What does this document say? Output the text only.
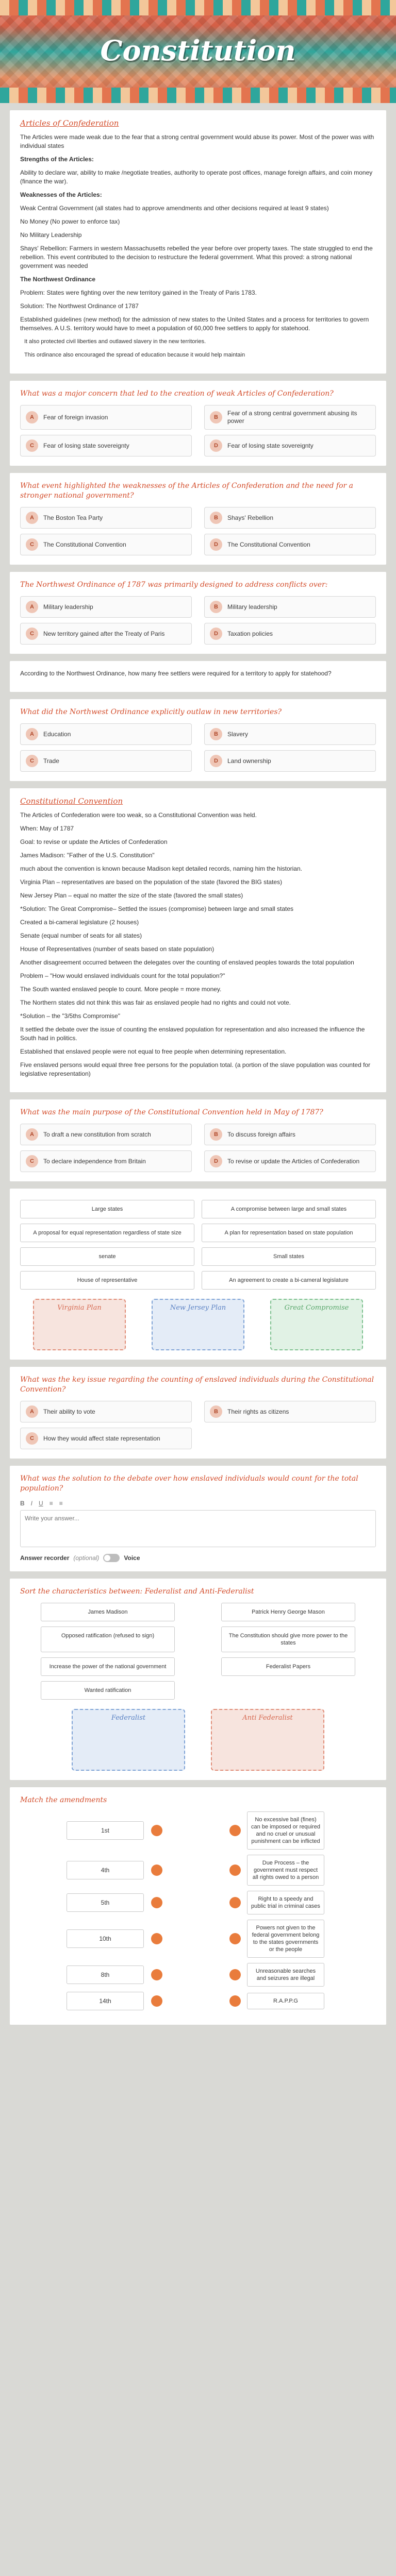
Constitution
Articles of Confederation
The Articles were made weak due to the fear that a strong central government would abuse its power. Most of the power was with individual states
Strengths of the Articles:
Ability to declare war, ability to make /negotiate treaties, authority to operate post offices, manage foreign affairs, and coin money (finance the war).
Weaknesses of the Articles:
Weak Central Government (all states had to approve amendments and other decisions required at least 9 states)
No Money (No power to enforce tax)
No Military Leadership
Shays' Rebellion: Farmers in western Massachusetts rebelled the year before over property taxes. The state struggled to end the rebellion. This event contributed to the decision to restructure the federal government. What this proved: a strong national government was needed
The Northwest Ordinance
Problem: States were fighting over the new territory gained in the Treaty of Paris 1783.
Solution: The Northwest Ordinance of 1787
Established guidelines (new method) for the admission of new states to the United States and a process for territories to govern themselves. A U.S. territory would have to meet a population of 60,000 free settlers to apply for statehood.
It also protected civil liberties and outlawed slavery in the new territories.
This ordinance also encouraged the spread of education because it would help maintain
What was a major concern that led to the creation of weak Articles of Confederation?
A	Fear of foreign invasion	B
Fear of a strong central government abusing its power
C	Fear of losing state sovereignty	D	Fear of losing state sovereignty
What event highlighted the weaknesses of the Articles of Confederation and the need for a stronger national government?
A	The Boston Tea Party	B	Shays' Rebellion
C	The Constitutional Convention	D	The Constitutional Convention
The Northwest Ordinance of 1787 was primarily designed to address conflicts over:
A	Military leadership	B	Military leadership
C	New territory gained after the Treaty of Paris	D	Taxation policies
According to the Northwest Ordinance, how many free settlers were required for a territory to apply for statehood?
What did the Northwest Ordinance explicitly outlaw in new territories?
A	Education	B	Slavery
C	Trade	D	Land ownership
Constitutional Convention
The Articles of Confederation were too weak, so a Constitutional Convention was held.
When: May of 1787
Goal: to revise or update the Articles of Confederation
James Madison: "Father of the U.S. Constitution"
much about the convention is known because Madison kept detailed records, naming him the historian.
Virginia Plan – representatives are based on the population of the state (favored the BIG states)
New Jersey Plan – equal no matter the size of the state (favored the small states)
*Solution: The Great Compromise– Settled the issues (compromise) between large and small states
Created a bi-cameral legislature (2 houses)
Senate (equal number of seats for all states)
House of Representatives (number of seats based on state population)
Another disagreement occurred between the delegates over the counting of enslaved peoples towards the total population
Problem – "How would enslaved individuals count for the total population?"
The South wanted enslaved people to count. More people = more money.
The Northern states did not think this was fair as enslaved people had no rights and could not vote.
*Solution – the "3/5ths Compromise"
It settled the debate over the issue of counting the enslaved population for representation and also increased the influence the South had in politics.
Established that enslaved people were not equal to free people when determining representation.
Five enslaved persons would equal three free persons for the population total. (a portion of the slave population was counted for legislative representation)
What was the main purpose of the Constitutional Convention held in May of 1787?
A	To draft a new constitution from scratch	B	To discuss foreign affairs
C	To declare independence from Britain	D	To revise or update the Articles of Confederation
Large states	A compromise between large and small states
A proposal for equal representation regardless of state size	A plan for representation based on state population
senate	Small states
House of representative	An agreement to create a bi-cameral legislature
Virginia Plan	New Jersey Plan	Great Compromise
What was the key issue regarding the counting of enslaved individuals during the Constitutional Convention?
A	Their ability to vote	B	Their rights as citizens
C	How they would affect state representation
What was the solution to the debate over how enslaved individuals would count for the total population?
B I U ≡ ≡
Write your answer...
Answer recorder (optional)	Voice
Sort the characteristics between: Federalist and Anti-Federalist
James Madison	Patrick Henry George Mason
Opposed ratification (refused to sign)	The Constitution should give more power to the states
Increase the power of the national government	Federalist Papers
Wanted ratification
Federalist	Anti Federalist
Match the amendments
1st
No excessive bail (fines) can be imposed or required and no cruel or unusual punishment can be inflicted
4th
Due Process – the government must respect all rights owed to a person
5th	Right to a speedy and public trial in criminal cases
10th
Powers not given to the federal government belong to the states governments or the people
8th	Unreasonable searches and seizures are illegal
14th	R.A.P.P.G
